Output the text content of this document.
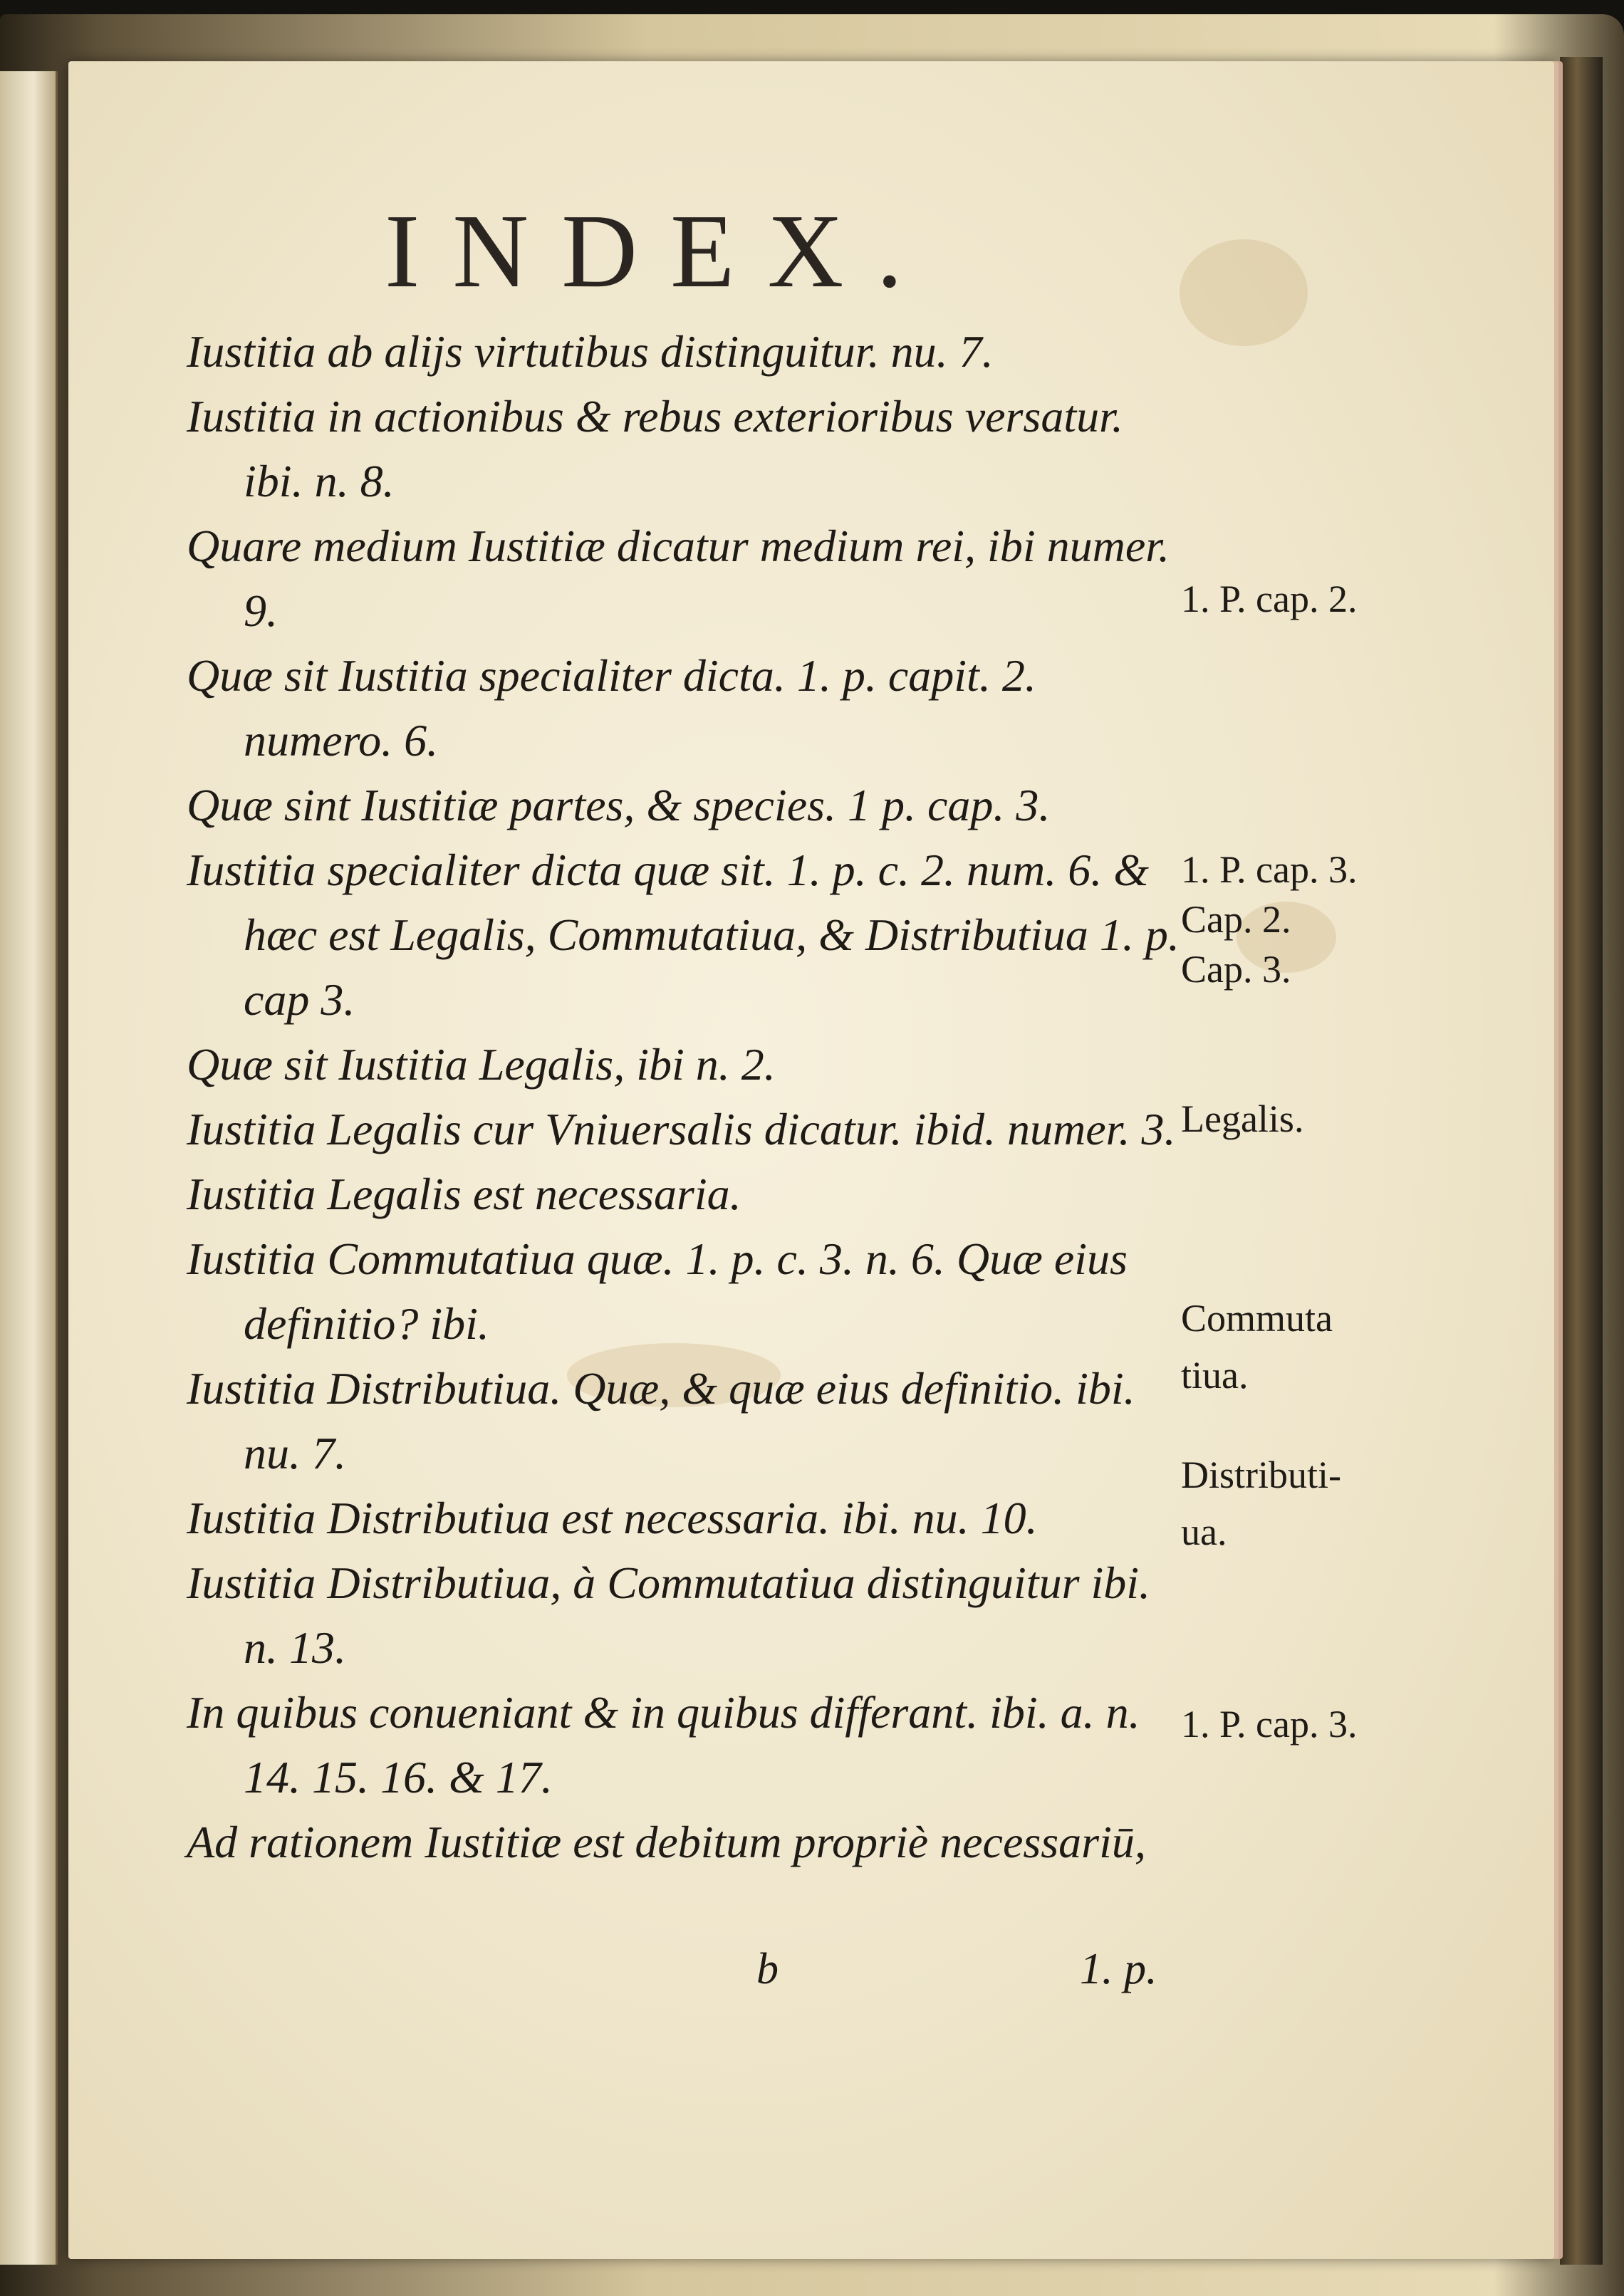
INDEX.
Iustitia ab alijs virtutibus distinguitur. nu. 7.
Iustitia in actionibus & rebus exterioribus versatur. ibi. n. 8.
Quare medium Iustitiæ dicatur medium rei, ibi numer. 9.
Quæ sit Iustitia specialiter dicta. 1. p. capit. 2. numero. 6.
Quæ sint Iustitiæ partes, & species. 1 p. cap. 3.
Iustitia specialiter dicta quæ sit. 1. p. c. 2. num. 6. & hæc est Legalis, Commutatiua, & Distributiua 1. p. cap 3.
Quæ sit Iustitia Legalis, ibi n. 2.
Iustitia Legalis cur Vniuersalis dicatur. ibid. numer. 3.
Iustitia Legalis est necessaria.
Iustitia Commutatiua quæ. 1. p. c. 3. n. 6. Quæ eius definitio? ibi.
Iustitia Distributiua. Quæ, & quæ eius definitio. ibi. nu. 7.
Iustitia Distributiua est necessaria. ibi. nu. 10.
Iustitia Distributiua, à Commutatiua distinguitur ibi. n. 13.
In quibus conueniant & in quibus differant. ibi. a. n. 14. 15. 16. & 17.
Ad rationem Iustitiæ est debitum propriè necessariū,
1. P. cap. 2.
1. P. cap. 3.
Cap. 2.
Cap. 3.
Legalis.
Commuta
tiua.
Distributi-
ua.
1. P. cap. 3.
b	1. p.
